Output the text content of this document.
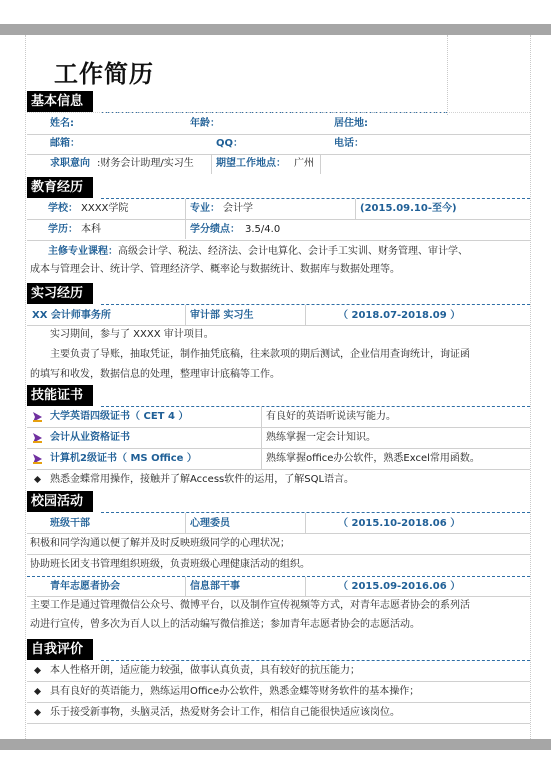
工作简历
基本信息
姓名:	年龄：	居住地:
邮箱：	QQ：	电话：
求职意向 :财务会计助理/实习生 期望工作地点： 广州
教育经历
学校： XXXX学院	专业： 会计学	(2015.09.10-至今)
学历： 本科	学分绩点： 3.5/4.0
主修专业课程：高级会计学、税法、经济法、会计电算化、会计手工实训、财务管理、审计学、
成本与管理会计、统计学、管理经济学、概率论与数据统计、数据库与数据处理等。
实习经历
XX 会计师事务所	审计部 实习生	（ 2018.07-2018.09 ）
实习期间，参与了 XXXX 审计项目。
主要负责了导账，抽取凭证，制作抽凭底稿，往来款项的期后测试，企业信用查询统计，询证函
的填写和收发，数据信息的处理，整理审计底稿等工作。
技能证书
大学英语四级证书（ CET 4 ）	有良好的英语听说读写能力。
会计从业资格证书	熟练掌握一定会计知识。
计算机2级证书（ MS Office ）	熟练掌握office办公软件，熟悉Excel常用函数。
熟悉金蝶常用操作，接触并了解Access软件的运用，了解SQL语言。
校园活动
班级干部	心理委员	（ 2015.10-2018.06 ）
积极和同学沟通以便了解并及时反映班级同学的心理状况；
协助班长团支书管理组织班级，负责班级心理健康活动的组织。
青年志愿者协会	信息部干事	（ 2015.09-2016.06 ）
主要工作是通过管理微信公众号、微博平台，以及制作宣传视频等方式，对青年志愿者协会的系列活
动进行宣传，曾多次为百人以上的活动编写微信推送；参加青年志愿者协会的志愿活动。
自我评价
本人性格开朗，适应能力较强，做事认真负责，具有较好的抗压能力；
具有良好的英语能力，熟练运用Office办公软件，熟悉金蝶等财务软件的基本操作；
乐于接受新事物，头脑灵活，热爱财务会计工作，相信自己能很快适应该岗位。
